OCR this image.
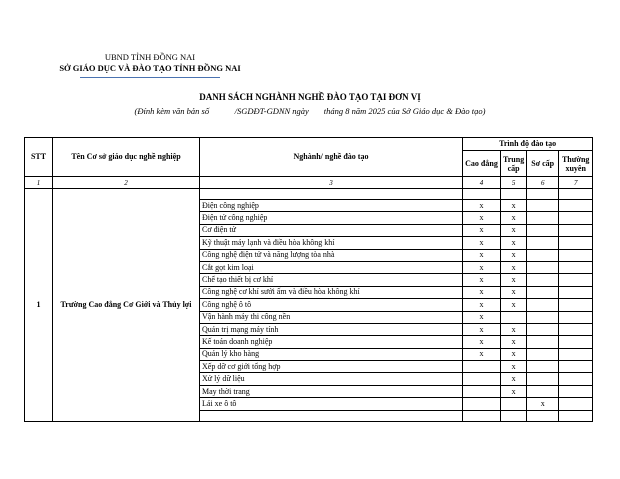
UBND TỈNH ĐỒNG NAI
SỞ GIÁO DỤC VÀ ĐÀO TẠO TỈNH ĐỒNG NAI
DANH SÁCH NGHÀNH NGHỀ ĐÀO TẠO TẠI ĐƠN VỊ
(Đính kèm văn bản số            /SGDĐT-GDNN ngày       tháng 8 năm 2025 của Sở Giáo dục & Đào tạo)
STT	Tên Cơ sở giáo dục nghề nghiệp	Nghành/ nghề đào tạo	Trình độ đào tạo			
			Cao đẳng	Trung cấp	Sơ cấp	Thường xuyên
1	2	3	4	5	6	7
1	Trường Cao đẳng Cơ Giới và Thủy lợi					
		Điện công nghiệp	x	x		
		Điện tử công nghiệp	x	x		
		Cơ điện tử	x	x		
		Kỹ thuật máy lạnh và điều hòa không khí	x	x		
		Công nghệ điện tử và năng lượng tòa nhà	x	x		
		Cắt gọt kim loại	x	x		
		Chế tạo thiết bị cơ khí	x	x		
		Công nghệ cơ khí sưởi ấm và điều hòa không khí	x	x		
		Công nghệ ô tô	x	x		
		Vận hành máy thi công nền	x			
		Quản trị mạng máy tính	x	x		
		Kế toán doanh nghiệp	x	x		
		Quản lý kho hàng	x	x		
		Xếp dỡ cơ giới tổng hợp		x		
		Xử lý dữ liệu		x		
		May thời trang		x		
		Lái xe ô tô			x	
